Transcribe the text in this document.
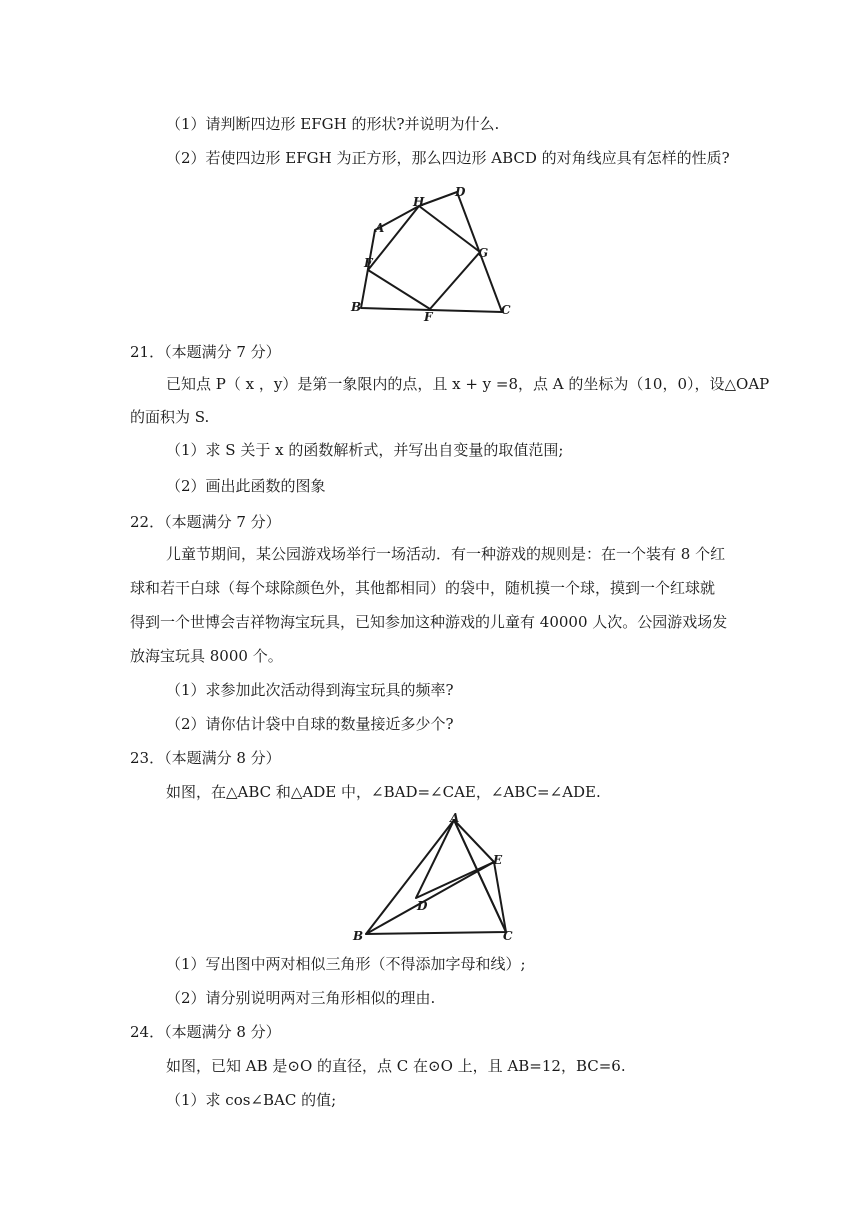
（1）请判断四边形 EFGH 的形状?并说明为什么.
（2）若使四边形 EFGH 为正方形，那么四边形 ABCD 的对角线应具有怎样的性质?
A
H
D
E
G
B
F	C
21．（本题满分 7 分）
已知点 P（ x ，y）是第一象限内的点，且 x + y =8，点 A 的坐标为（10，0），设△OAP
的面积为 S.
（1）求 S 关于 x 的函数解析式，并写出自变量的取值范围;
（2）画出此函数的图象
22．（本题满分 7 分）
儿童节期间，某公园游戏场举行一场活动．有一种游戏的规则是：在一个装有 8 个红
球和若干白球（每个球除颜色外，其他都相同）的袋中，随机摸一个球，摸到一个红球就
得到一个世博会吉祥物海宝玩具，已知参加这种游戏的儿童有 40000 人次。公园游戏场发
放海宝玩具 8000 个。
（1）求参加此次活动得到海宝玩具的频率?
（2）请你估计袋中自球的数量接近多少个?
23．（本题满分 8 分）
如图，在△ABC 和△ADE 中，∠BAD=∠CAE，∠ABC=∠ADE.
A
E
D
B	C
（1）写出图中两对相似三角形（不得添加字母和线）;
（2）请分别说明两对三角形相似的理由.
24．（本题满分 8 分）
如图，已知 AB 是⊙O 的直径，点 C 在⊙O 上，且 AB=12，BC=6.
（1）求 cos∠BAC 的值;
